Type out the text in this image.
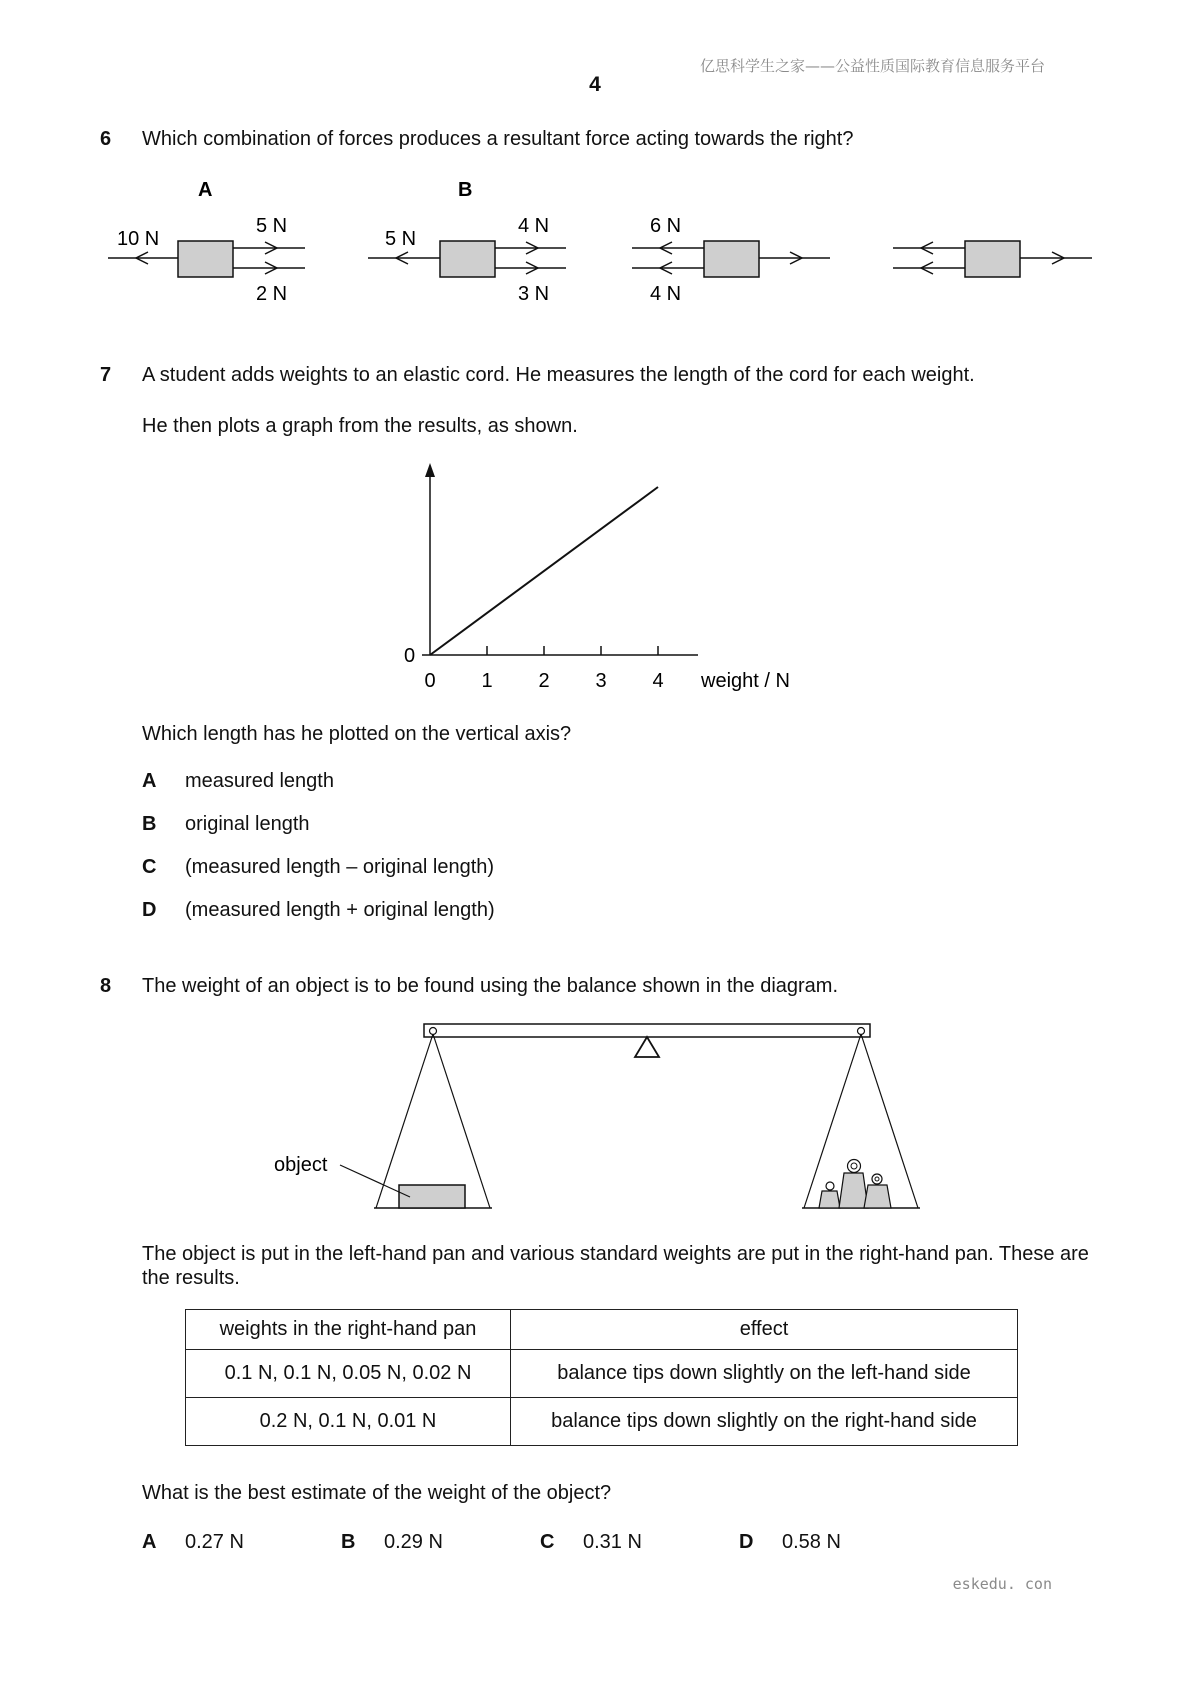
亿思科学生之家——公益性质国际教育信息服务平台
4
6 Which combination of forces produces a resultant force acting towards the right?
A
10 N
5 N
2 N
B
5 N
4 N
3 N
6 N
4 N
7 A student adds weights to an elastic cord. He measures the length of the cord for each weight.
He then plots a graph from the results, as shown.
0
0 1 2 3 4 weight / N
Which length has he plotted on the vertical axis?
A measured length
B original length
C (measured length – original length)
D (measured length + original length)
8 The weight of an object is to be found using the balance shown in the diagram.
object
The object is put in the left-hand pan and various standard weights are put in the right-hand pan. These are the results.
weights in the right-hand pan	effect
0.1 N, 0.1 N, 0.05 N, 0.02 N	balance tips down slightly on the left-hand side
0.2 N, 0.1 N, 0.01 N	balance tips down slightly on the right-hand side
What is the best estimate of the weight of the object?
A 0.27 N	B 0.29 N	C 0.31 N	D 0.58 N
eskedu. con
